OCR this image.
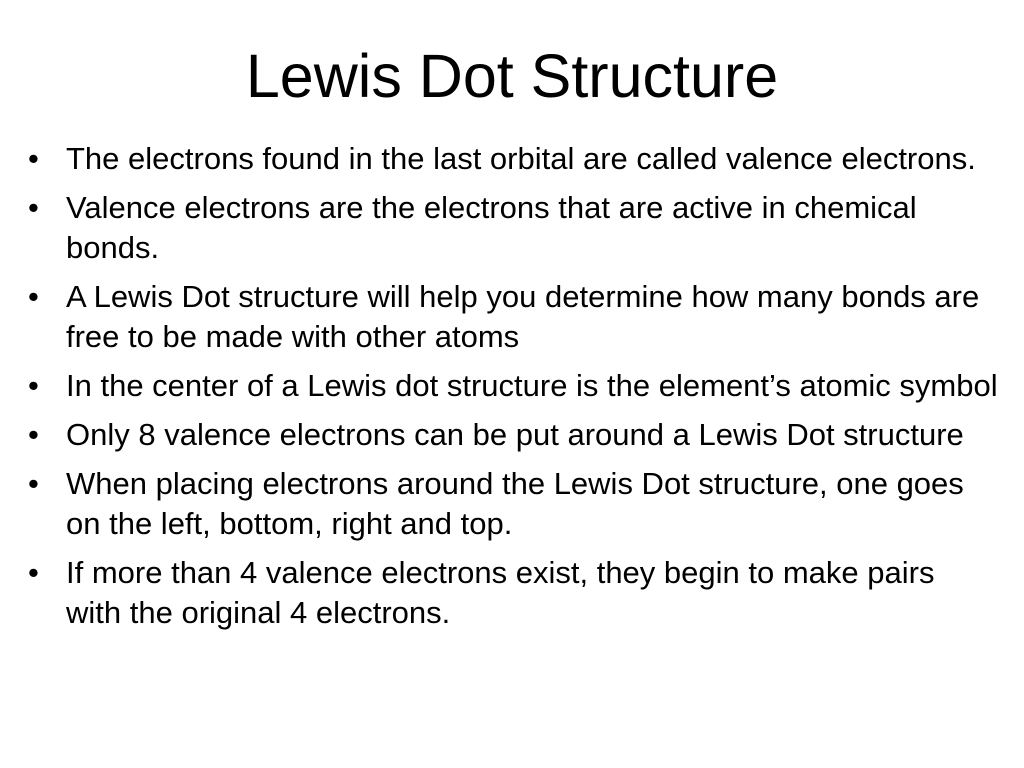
Lewis Dot Structure
• The electrons found in the last orbital are called valence electrons.
• Valence electrons are the electrons that are active in chemical bonds.
• A Lewis Dot structure will help you determine how many bonds are free to be made with other atoms
• In the center of a Lewis dot structure is the element’s atomic symbol
• Only 8 valence electrons can be put around a Lewis Dot structure
• When placing electrons around the Lewis Dot structure, one goes on the left, bottom, right and top.
• If more than 4 valence electrons exist, they begin to make pairs with the original 4 electrons.
